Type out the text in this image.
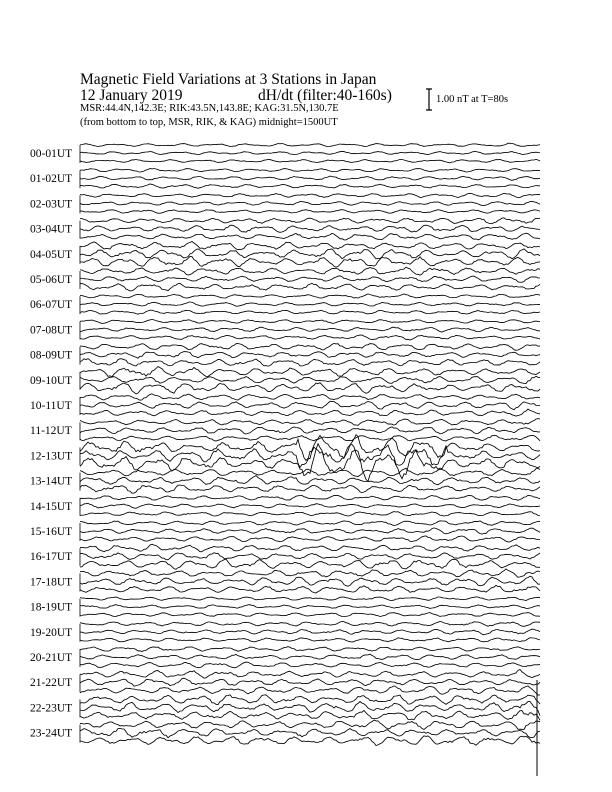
Magnetic Field Variations at 3 Stations in Japan
12 January 2019	dH/dt (filter:40-160s)
MSR:44.4N,142.3E; RIK:43.5N,143.8E; KAG:31.5N,130.7E
(from bottom to top, MSR, RIK, & KAG) midnight=1500UT
1.00 nT at T=80s
00-01UT
01-02UT
02-03UT
03-04UT
04-05UT
05-06UT
06-07UT
07-08UT
08-09UT
09-10UT
10-11UT
11-12UT
12-13UT
13-14UT
14-15UT
15-16UT
16-17UT
17-18UT
18-19UT
19-20UT
20-21UT
21-22UT
22-23UT
23-24UT
